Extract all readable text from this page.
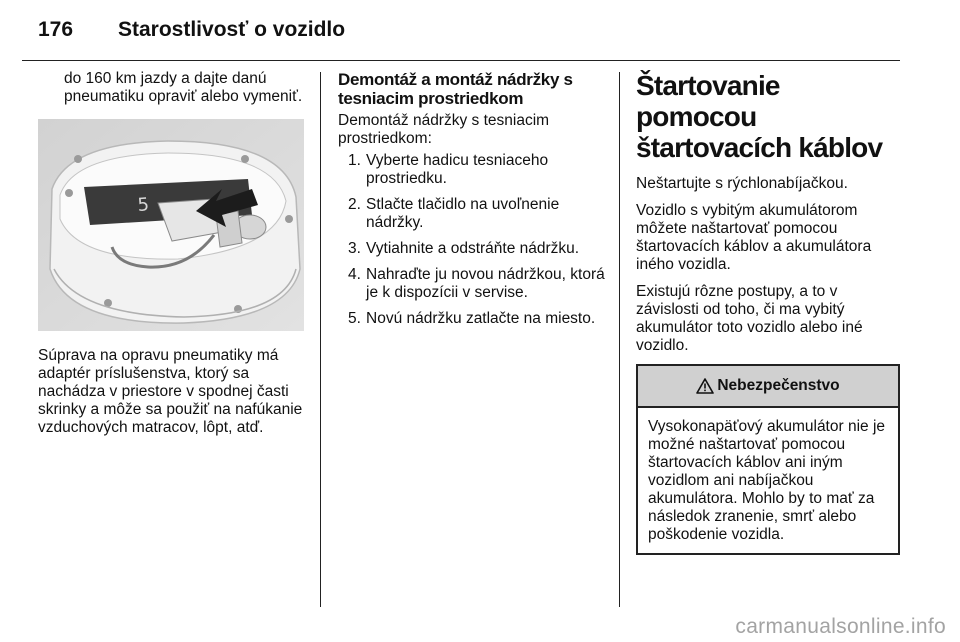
176 Starostlivosť o vozidlo

do 160 km jazdy a dajte danú pneumatiku opraviť alebo vymeniť.

5

Súprava na opravu pneumatiky má adaptér príslušenstva, ktorý sa nachádza v priestore v spodnej časti skrinky a môže sa použiť na nafúkanie vzduchových matracov, lôpt, atď.

Demontáž a montáž nádržky s tesniacim prostriedkom

Demontáž nádržky s tesniacim prostriedkom:

1. Vyberte hadicu tesniaceho prostriedku.
2. Stlačte tlačidlo na uvoľnenie nádržky.
3. Vytiahnite a odstráňte nádržku.
4. Nahraďte ju novou nádržkou, ktorá je k dispozícii v servise.
5. Novú nádržku zatlačte na miesto.
Štartovanie pomocou štartovacích káblov

Neštartujte s rýchlonabíjačkou.

Vozidlo s vybitým akumulátorom môžete naštartovať pomocou štartovacích káblov a akumulátora iného vozidla.

Existujú rôzne postupy, a to v závislosti od toho, či ma vybitý akumulátor toto vozidlo alebo iné vozidlo.

Nebezpečenstvo
Vysokonapäťový akumulátor nie je možné naštartovať pomocou štartovacích káblov ani iným vozidlom ani nabíjačkou akumulátora. Mohlo by to mať za následok zranenie, smrť alebo poškodenie vozidla.
carmanualsonline.info
